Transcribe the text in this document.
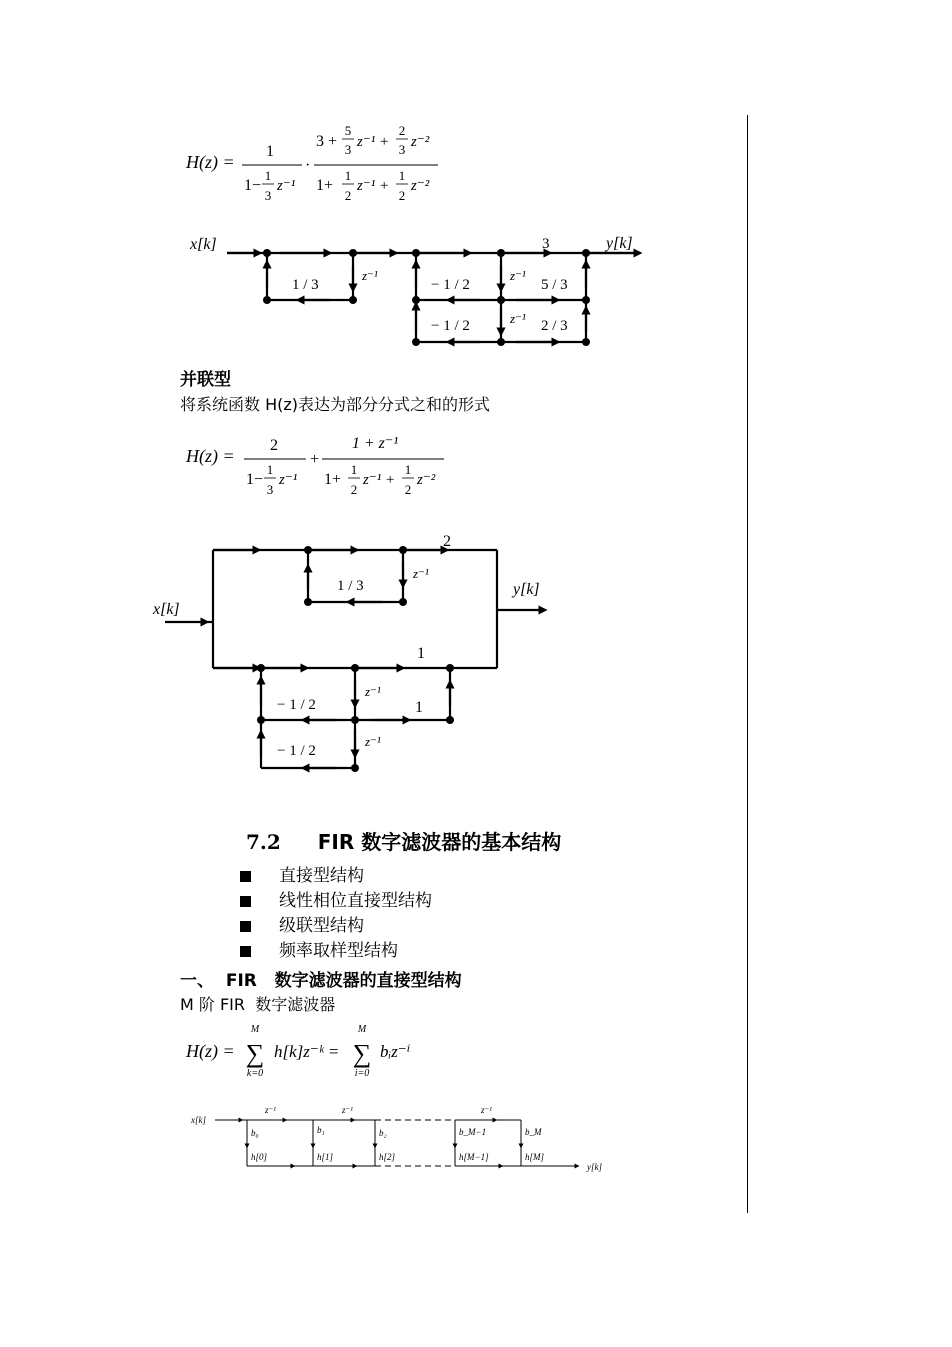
H(z) =
1
1−
1
3
z⁻¹
·
3 +
5
3 z⁻¹ +
2
3 z⁻²
1+
1
2
z⁻¹ +
1
2
z⁻²
x[k]	y[k]
1 / 3
z⁻¹
− 1 / 2
− 1 / 2
z⁻¹
z⁻¹
3
5 / 3
2 / 3
并联型
将系统函数 H(z)表达为部分分式之和的形式
H(z) =
2
1−
1
3
z⁻¹
+
1 + z⁻¹
1+
1
2
z⁻¹ +
1
2
z⁻²
x[k]
y[k]
2
1 / 3
z⁻¹
1
1
− 1 / 2
− 1 / 2
z⁻¹
z⁻¹
7.2 FIR 数字滤波器的基本结构
直接型结构
线性相位直接型结构
级联型结构
频率取样型结构
一、  FIR   数字滤波器的直接型结构
M 阶 FIR  数字滤波器
H(z) =
M
∑
k=0
h[k]z⁻ᵏ =
M
∑
i=0
bᵢz⁻ⁱ
x[k]
y[k]
z⁻¹	z⁻¹	z⁻¹
b₀	b₁	b₂	b_M−1	b_M
h[0]	h[1]	h[2]	h[M−1]	h[M]
